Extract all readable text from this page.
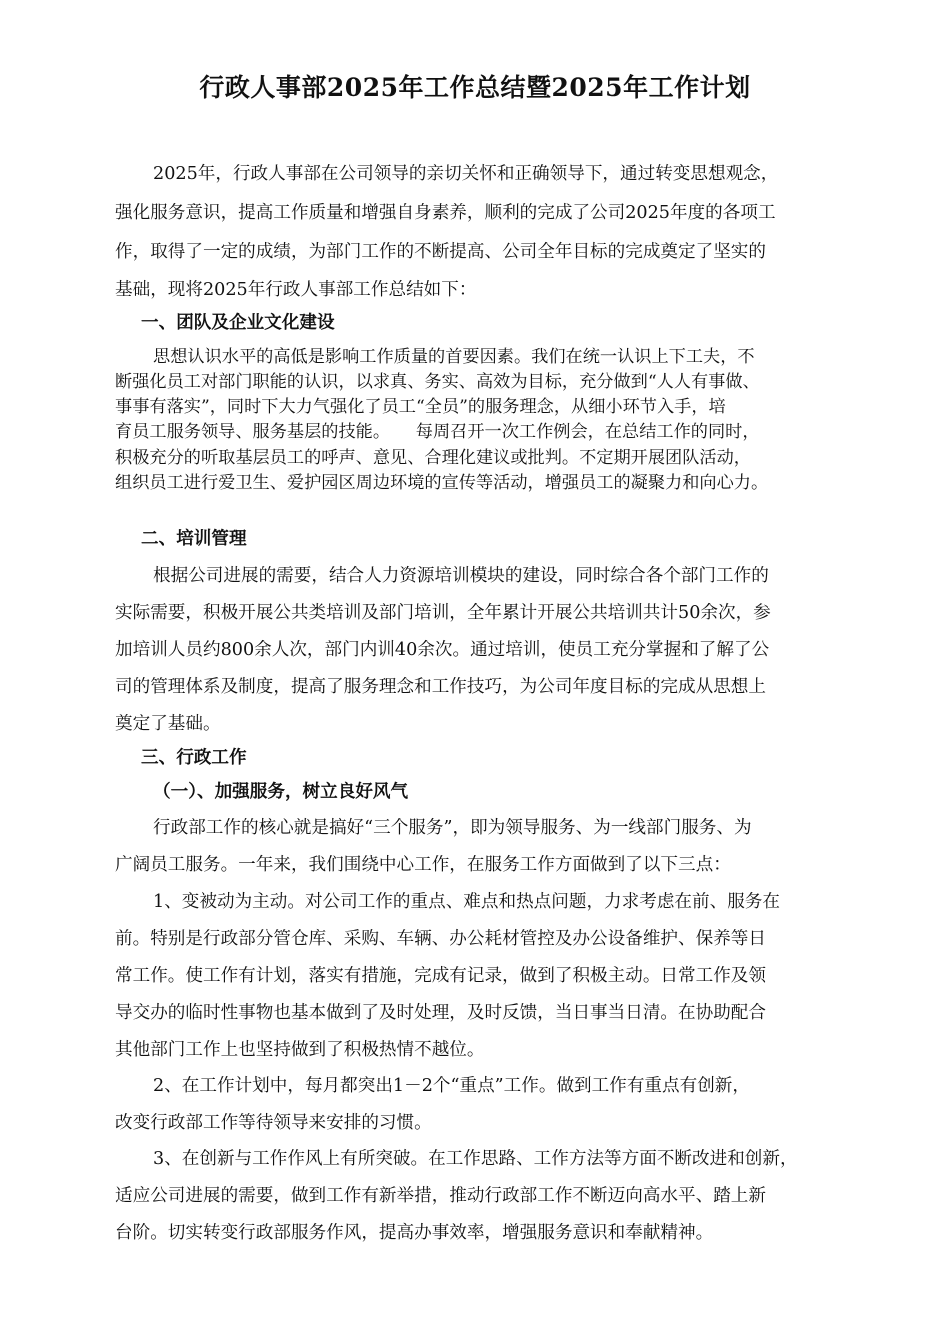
行政人事部2025年工作总结暨2025年工作计划

2025年，行政人事部在公司领导的亲切关怀和正确领导下，通过转变思想观念，

强化服务意识，提高工作质量和增强自身素养，顺利的完成了公司2025年度的各项工

作，取得了一定的成绩，为部门工作的不断提高、公司全年目标的完成奠定了坚实的

基础，现将2025年行政人事部工作总结如下：

一、团队及企业文化建设

思想认识水平的高低是影响工作质量的首要因素。我们在统一认识上下工夫，不

断强化员工对部门职能的认识，以求真、务实、高效为目标，充分做到“人人有事做、

事事有落实”，同时下大力气强化了员工“全员”的服务理念，从细小环节入手，培

育员工服务领导、服务基层的技能。　　每周召开一次工作例会，在总结工作的同时，

积极充分的听取基层员工的呼声、意见、合理化建议或批判。不定期开展团队活动，

组织员工进行爱卫生、爱护园区周边环境的宣传等活动，增强员工的凝聚力和向心力。

二、培训管理

根据公司进展的需要，结合人力资源培训模块的建设，同时综合各个部门工作的

实际需要，积极开展公共类培训及部门培训，全年累计开展公共培训共计50余次，参

加培训人员约800余人次，部门内训40余次。通过培训，使员工充分掌握和了解了公

司的管理体系及制度，提高了服务理念和工作技巧，为公司年度目标的完成从思想上

奠定了基础。

三、行政工作

（一）、加强服务，树立良好风气

行政部工作的核心就是搞好“三个服务”，即为领导服务、为一线部门服务、为

广阔员工服务。一年来，我们围绕中心工作，在服务工作方面做到了以下三点：

1、变被动为主动。对公司工作的重点、难点和热点问题，力求考虑在前、服务在

前。特别是行政部分管仓库、采购、车辆、办公耗材管控及办公设备维护、保养等日

常工作。使工作有计划，落实有措施，完成有记录，做到了积极主动。日常工作及领

导交办的临时性事物也基本做到了及时处理，及时反馈，当日事当日清。在协助配合

其他部门工作上也坚持做到了积极热情不越位。

2、在工作计划中，每月都突出1－2个“重点”工作。做到工作有重点有创新，

改变行政部工作等待领导来安排的习惯。

3、在创新与工作作风上有所突破。在工作思路、工作方法等方面不断改进和创新，

适应公司进展的需要，做到工作有新举措，推动行政部工作不断迈向高水平、踏上新

台阶。切实转变行政部服务作风，提高办事效率，增强服务意识和奉献精神。
